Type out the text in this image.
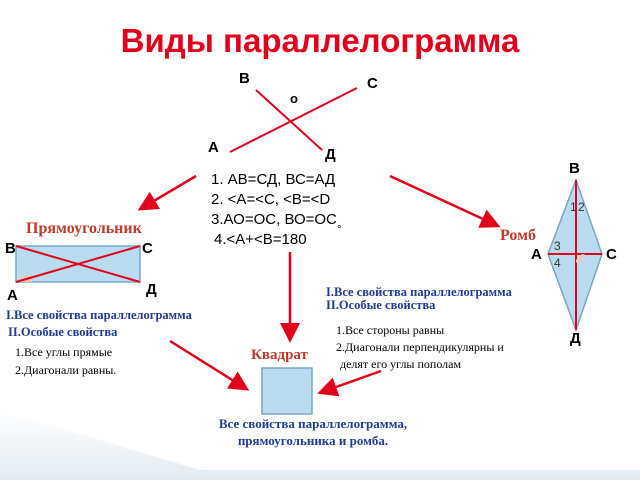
Виды параллелограмма
В	С
о
А	Д
1. АВ=СД, ВС=АД
2. <А=<С, <В=<D
3.АО=ОС, ВО=ОС
4.<А+<В=180
°
Прямоугольник
В	С
А	Д
I.Все свойства параллелограмма
II.Особые свойства
1.Все углы прямые
2.Диагонали равны.
Ромб
В
А	С
Д
1 2
3
4
I.Все свойства параллелограмма
II.Особые свойства
1.Все стороны равны
2.Диагонали перпендикулярны и
делят его углы пополам
Квадрат
Все свойства параллелограмма,
прямоугольника и ромба.
